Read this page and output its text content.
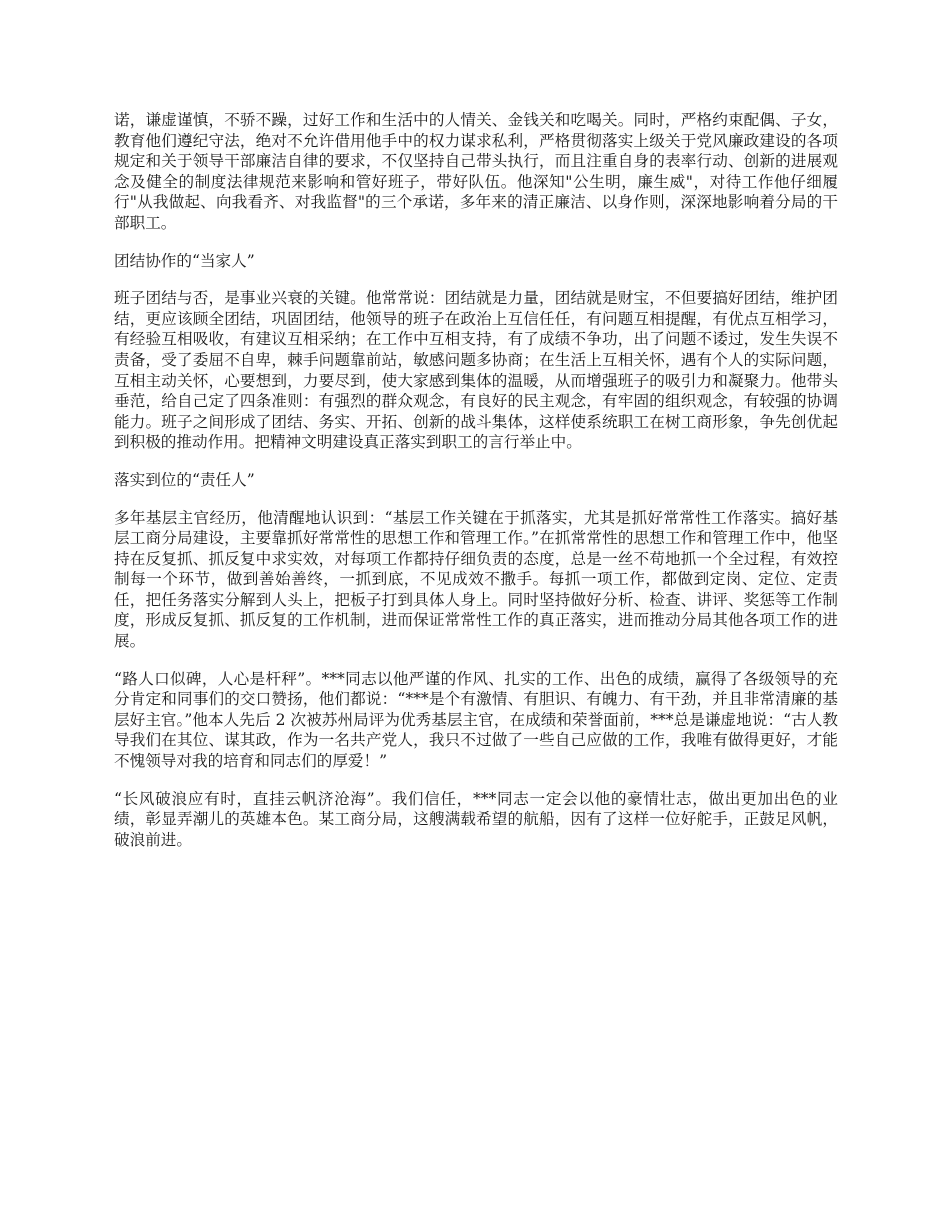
诺，谦虚谨慎，不骄不躁，过好工作和生活中的人情关、金钱关和吃喝关。同时，严格约束配偶、子女，教育他们遵纪守法，绝对不允许借用他手中的权力谋求私利，严格贯彻落实上级关于党风廉政建设的各项规定和关于领导干部廉洁自律的要求，不仅坚持自己带头执行，而且注重自身的表率行动、创新的进展观念及健全的制度法律规范来影响和管好班子，带好队伍。他深知"公生明，廉生威"，对待工作他仔细履行"从我做起、向我看齐、对我监督"的三个承诺，多年来的清正廉洁、以身作则，深深地影响着分局的干部职工。

团结协作的“当家人”

班子团结与否，是事业兴衰的关键。他常常说：团结就是力量，团结就是财宝，不但要搞好团结，维护团结，更应该顾全团结，巩固团结，他领导的班子在政治上互信任任，有问题互相提醒，有优点互相学习，有经验互相吸收，有建议互相采纳；在工作中互相支持，有了成绩不争功，出了问题不诿过，发生失误不责备，受了委屈不自卑，棘手问题靠前站，敏感问题多协商；在生活上互相关怀，遇有个人的实际问题，互相主动关怀，心要想到，力要尽到，使大家感到集体的温暖，从而增强班子的吸引力和凝聚力。他带头垂范，给自己定了四条准则：有强烈的群众观念，有良好的民主观念，有牢固的组织观念，有较强的协调能力。班子之间形成了团结、务实、开拓、创新的战斗集体，这样使系统职工在树工商形象，争先创优起到积极的推动作用。把精神文明建设真正落实到职工的言行举止中。

落实到位的“责任人”

多年基层主官经历，他清醒地认识到：“基层工作关键在于抓落实，尤其是抓好常常性工作落实。搞好基层工商分局建设，主要靠抓好常常性的思想工作和管理工作。”在抓常常性的思想工作和管理工作中，他坚持在反复抓、抓反复中求实效，对每项工作都持仔细负责的态度，总是一丝不苟地抓一个全过程，有效控制每一个环节，做到善始善终，一抓到底，不见成效不撒手。每抓一项工作，都做到定岗、定位、定责任，把任务落实分解到人头上，把板子打到具体人身上。同时坚持做好分析、检查、讲评、奖惩等工作制度，形成反复抓、抓反复的工作机制，进而保证常常性工作的真正落实，进而推动分局其他各项工作的进展。

“路人口似碑，人心是杆秤”。***同志以他严谨的作风、扎实的工作、出色的成绩，赢得了各级领导的充分肯定和同事们的交口赞扬，他们都说：“***是个有激情、有胆识、有魄力、有干劲，并且非常清廉的基层好主官。”他本人先后 2 次被苏州局评为优秀基层主官，在成绩和荣誉面前，***总是谦虚地说：“古人教导我们在其位、谋其政，作为一名共产党人，我只不过做了一些自己应做的工作，我唯有做得更好，才能不愧领导对我的培育和同志们的厚爱！”

“长风破浪应有时，直挂云帆济沧海”。我们信任，***同志一定会以他的豪情壮志，做出更加出色的业绩，彰显弄潮儿的英雄本色。某工商分局，这艘满载希望的航船，因有了这样一位好舵手，正鼓足风帆，破浪前进。
